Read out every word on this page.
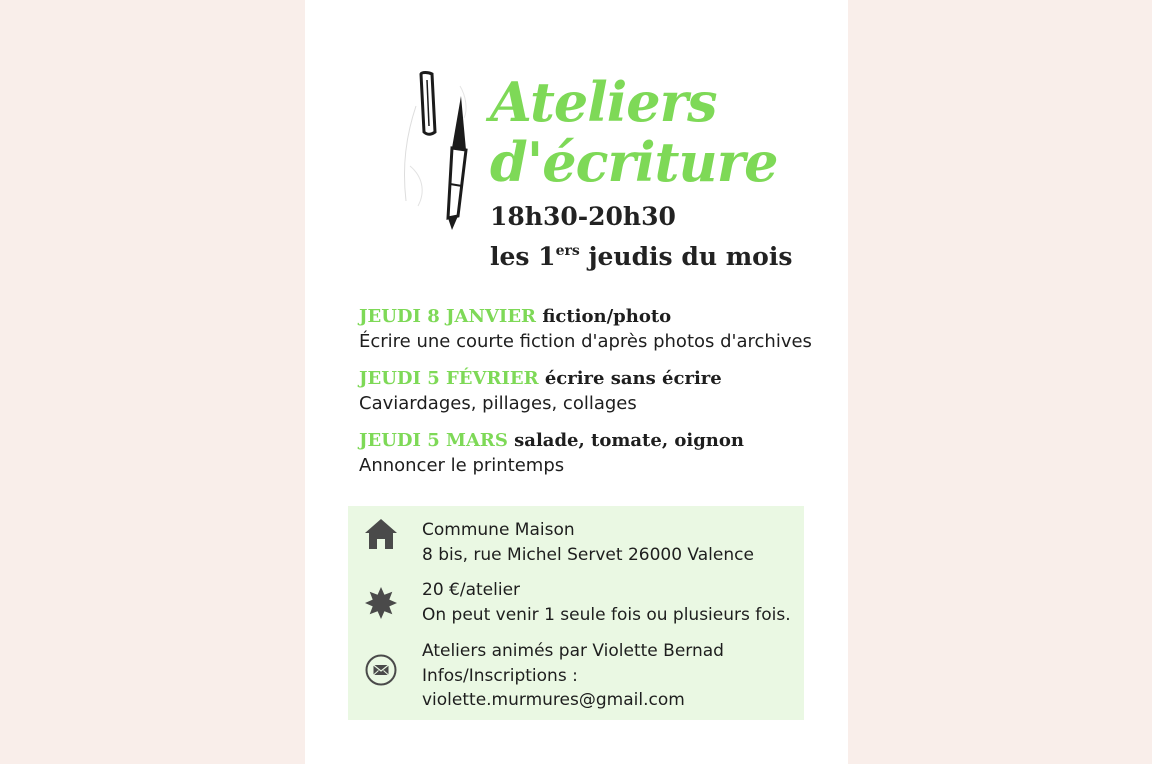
Ateliers
d'écriture
18h30-20h30
les 1ers jeudis du mois
JEUDI 8 JANVIER fiction/photo
Écrire une courte fiction d'après photos d'archives
JEUDI 5 FÉVRIER écrire sans écrire
Caviardages, pillages, collages
JEUDI 5 MARS salade, tomate, oignon
Annoncer le printemps
Commune Maison
8 bis, rue Michel Servet 26000 Valence
20 €/atelier
On peut venir 1 seule fois ou plusieurs fois.
Ateliers animés par Violette Bernad
Infos/Inscriptions :
violette.murmures@gmail.com
